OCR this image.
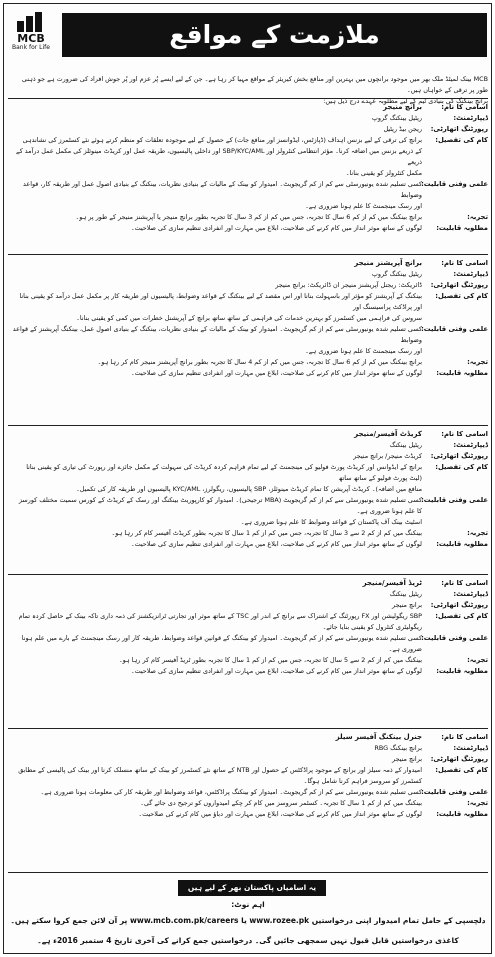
MCB
Bank for Life	ملازمت کے مواقع
MCB بینک لمیٹڈ ملک بھر میں موجود برانچوں میں بہترین اور منافع بخش کیریئر کے مواقع مہیا کر رہا ہے۔ جن کے لیے ایسے پُر عزم اور پُر جوش افراد کی ضرورت ہے جو ذہنی طور پر ترقی کے خواہاں ہیں۔
برانچ بینکنگ کی بنیادی ٹیم کے لیے مطلوبہ عہدے درج ذیل ہیں:
اسامی کا نام:
برانچ منیجر
ڈیپارٹمنٹ:
ریٹیل بینکنگ گروپ
رپورٹنگ اتھارٹی:
ریجن بیڈ ریٹیل
کام کی تفصیل:
برانچ کی ترقی کے لیے بزنس اہداف (ڈپازٹس، ایڈوانسز اور منافع جات) کے حصول کے لیے موجودہ تعلقات کو منظم کرتے ہوئے نئے کسٹمرز کی نشاندہی
کے ذریعے بزنس میں اضافہ کرنا۔ مؤثر انتظامی کنٹرولز اور SBP/KYC/AML اور داخلی پالیسیوں، طریقہ عمل اور کریڈٹ مینوئلز کی مکمل عمل درآمد کے ذریعے
مکمل کنٹرولز کو یقینی بنانا۔
علمی وفنی قابلیت:
کسی تسلیم شدہ یونیورسٹی سے کم از کم گریجویٹ۔ امیدوار کو بینک کے مالیات کے بنیادی نظریات، بینکنگ کے بنیادی اصول عمل اور طریقہ کار، قواعد وضوابط
اور رسک مینجمنٹ کا علم ہونا ضروری ہے۔
تجربہ:
برانچ بینکنگ میں کم از کم 6 سال کا تجربہ، جس میں کم از کم 3 سال کا تجربہ بطور برانچ منیجر یا آپریشنز منیجر کے طور پر ہو۔
مطلوبہ قابلیت:
لوگوں کے ساتھ موثر انداز میں کام کرنے کی صلاحیت، ابلاغ میں مہارت اور انفرادی تنظیم سازی کی صلاحیت۔
اسامی کا نام:
برانچ آپریشنز منیجر
ڈیپارٹمنٹ:
ریٹیل بینکنگ گروپ
رپورٹنگ اتھارٹی:
ڈائریکٹ: ریجنل آپریشنز منیجر ان ڈائریکٹ: برانچ منیجر
کام کی تفصیل:
بینکنگ کے آپریشنز کو مؤثر اور باسہولت بنانا اور اس مقصد کے لیے بینکنگ کے قواعد وضوابط، پالیسیوں اور طریقہ کار پر مکمل عمل درآمد کو یقینی بنانا اور پراڈکٹ پراسیسنگ اور
سروس کی فراہمی میں کسٹمرز کو بہترین خدمات کی فراہمی کے ساتھ ساتھ برانچ کے آپریشنل خطرات میں کمی کو یقینی بنانا۔
علمی وفنی قابلیت:
کسی تسلیم شدہ یونیورسٹی سے کم از کم گریجویٹ۔ امیدوار کو بینک کے مالیات کے بنیادی نظریات، بینکنگ کے بنیادی اصول عمل، بینکنگ آپریشنز کے قواعد وضوابط
اور رسک مینجمنٹ کا علم ہونا ضروری ہے۔
تجربہ:
برانچ بینکنگ میں کم از کم 6 سال کا تجربہ، جس میں کم از کم 4 سال کا تجربہ بطور برانچ آپریشنز منیجر کام کر رہا ہو۔
مطلوبہ قابلیت:
لوگوں کے ساتھ موثر انداز میں کام کرنے کی صلاحیت، ابلاغ میں مہارت اور انفرادی تنظیم سازی کی صلاحیت۔
اسامی کا نام:
کریڈٹ آفیسر/منیجر
ڈیپارٹمنٹ:
ریٹیل بینکنگ
رپورٹنگ اتھارٹی:
کریڈٹ منیجر/ برانچ منیجر
کام کی تفصیل:
برانچ کے ایڈوانس اور کریڈٹ پورٹ فولیو کی مینجمنٹ کے لیے تمام فراہم کردہ کریڈٹ کی سہولت کے مکمل جائزے اور رپورٹ کی تیاری کو یقینی بنانا (لیٹ پورٹ فولیو کے ساتھ ساتھ
منافع میں اضافہ)۔ کریڈٹ آپریشن کا تمام کریڈٹ مینوئلز، SBP پالیسیوں، ریگولرز، KYC/AML پالیسیوں اور طریقہ کار کی تکمیل۔
علمی وفنی قابلیت:
کسی تسلیم شدہ یونیورسٹی سے کم از کم گریجویٹ (MBA ترجیحی)۔ امیدوار کو کارپوریٹ بینکنگ اور رسک کے کریڈٹ کے کورس سمیت مختلف کورسز کا علم ہونا ضروری ہے۔
اسٹیٹ بینک آف پاکستان کے قواعد وضوابط کا علم ہونا ضروری ہے۔
تجربہ:
بینکنگ میں کم از کم 2 سے 3 سال کا تجربہ، جس میں کم از کم 1 سال کا تجربہ بطور کریڈٹ آفیسر کام کر رہا ہو۔
مطلوبہ قابلیت:
لوگوں کے ساتھ موثر انداز میں کام کرنے کی صلاحیت، ابلاغ میں مہارت اور انفرادی تنظیم سازی کی صلاحیت۔
اسامی کا نام:
ٹریڈ آفیسر/منیجر
ڈیپارٹمنٹ:
ریٹیل بینکنگ
رپورٹنگ اتھارٹی:
برانچ منیجر
کام کی تفصیل:
SBP ریگولیشن اور FX رپورٹنگ کے اشتراک سے برانچ کے اندر اور TSC کے ساتھ موثر اور تجارتی ٹرانزیکشنز کی ذمہ داری تاکہ بینک کے حاصل کردہ تمام
ریگولیٹری کنٹرول کو یقینی بنایا جائے۔
علمی وفنی قابلیت:
کسی تسلیم شدہ یونیورسٹی سے کم از کم گریجویٹ۔ امیدوار کو بینکنگ کے قوانین قواعد وضوابط، طریقہ کار اور رسک مینجمنٹ کے بارے میں علم ہونا ضروری ہے۔
تجربہ:
بینکنگ میں کم از کم 2 سے 5 سال کا تجربہ، جس میں کم از کم 1 سال کا تجربہ بطور ٹریڈ آفیسر کام کر رہا ہو۔
مطلوبہ قابلیت:
لوگوں کے ساتھ موثر انداز میں کام کرنے کی صلاحیت، ابلاغ میں مہارت اور انفرادی تنظیم سازی کی صلاحیت۔
اسامی کا نام:
جنرل بینکنگ آفیسر سیلز
ڈیپارٹمنٹ:
برانچ بینکنگ RBG
رپورٹنگ اتھارٹی:
برانچ منیجر
کام کی تفصیل:
امیدوار کے ذمہ سیلز اور برانچ کے موجود پراڈکٹس کے حصول اور NTB کے ساتھ نئے کسٹمرز کو بینک کے ساتھ منسلک کرنا اور بینک کی پالیسی کے مطابق
کسٹمرز کو سروسز فراہم کرنا شامل ہوگا۔
علمی وفنی قابلیت:
کسی تسلیم شدہ یونیورسٹی سے کم از کم گریجویٹ۔ امیدوار کو بینکنگ پراڈکٹس، قواعد وضوابط اور طریقہ کار کی معلومات ہونا ضروری ہے۔
تجربہ:
بینکنگ میں کم از کم 1 سال کا تجربہ۔ کسٹمر سروسز میں کام کر چکے امیدواروں کو ترجیح دی جائے گی۔
مطلوبہ قابلیت:
لوگوں کے ساتھ موثر انداز میں کام کرنے کی صلاحیت، ابلاغ میں مہارت اور دباؤ میں کام کرنے کی صلاحیت۔
یہ اسامیاں پاکستان بھر کے لیے ہیں
اہم نوٹ:
دلچسپی کے حامل تمام امیدوار اپنی درخواستیں www.rozee.pk یا www.mcb.com.pk/careers پر آن لائن جمع کروا سکتے ہیں۔
کاغذی درخواستیں قابل قبول نہیں سمجھی جائیں گی۔ درخواستیں جمع کرانے کی آخری تاریخ 4 ستمبر 2016ء ہے۔
